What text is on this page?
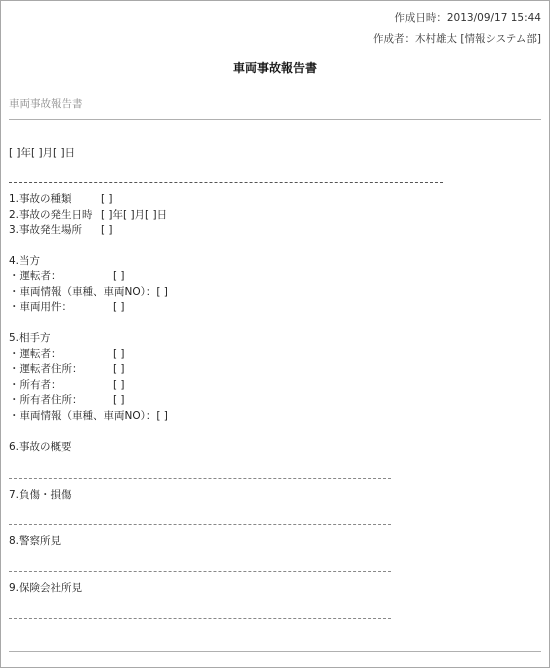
作成日時：2013/09/17 15:44
作成者：木村雄太 [情報システム部]
車両事故報告書
車両事故報告書
[ ]年[ ]月[ ]日
1.事故の種類	[ ]
2.事故の発生日時 [ ]年[ ]月[ ]日
3.事故発生場所 [ ]
4.当方
・運転者：	[ ]
・車両情報（車種、車両NO）：[ ]
・車両用件：	[ ]
5.相手方
・運転者：	[ ]
・運転者住所：	[ ]
・所有者：	[ ]
・所有者住所：	[ ]
・車両情報（車種、車両NO）：[ ]
6.事故の概要
7.負傷・損傷
8.警察所見
9.保険会社所見
